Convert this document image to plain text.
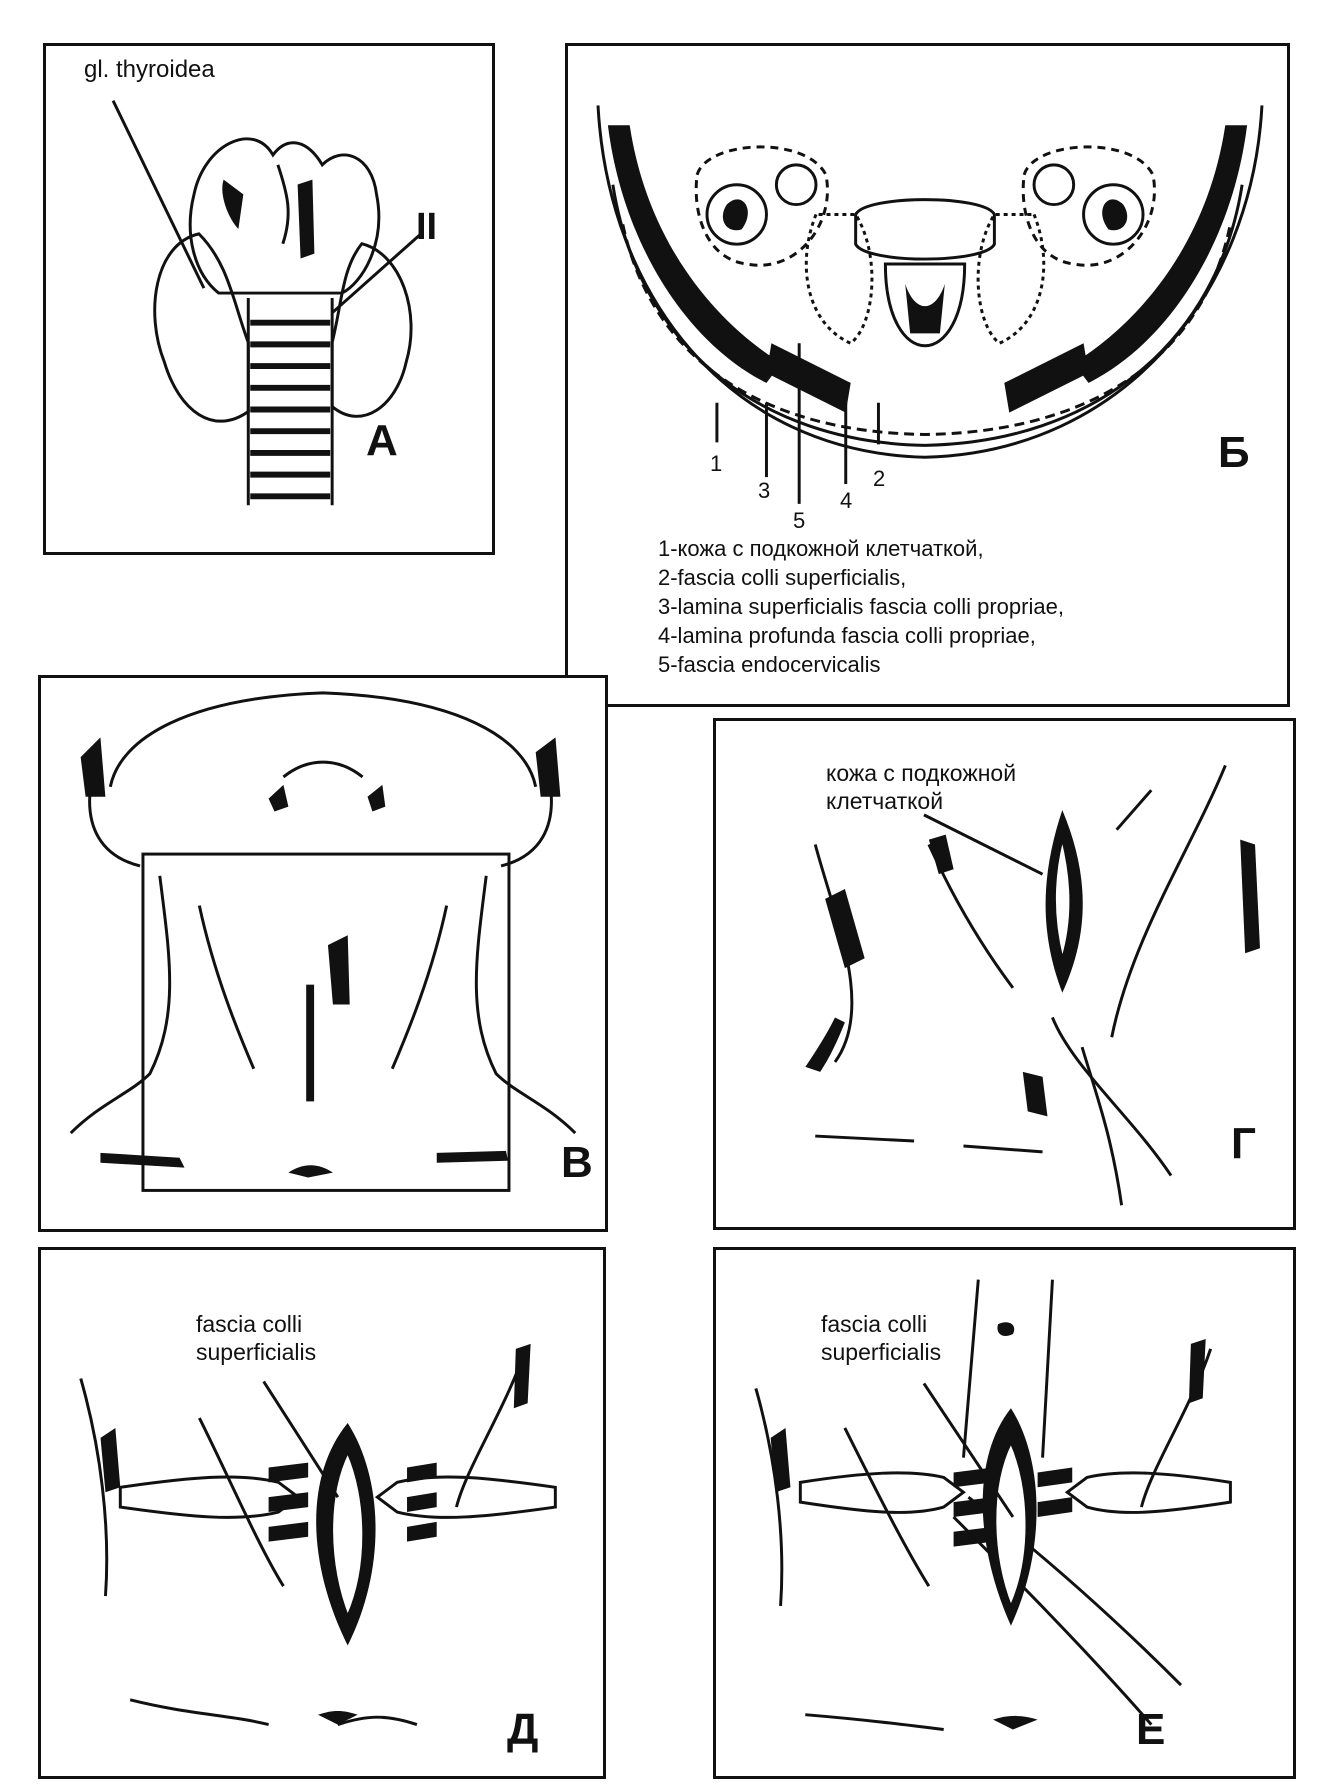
gl. thyroidea
II
А	1
2
3	4
5
Б
1-кожа с подкожной клетчаткой,
2-fascia colli superficialis,
3-lamina superficialis fascia colli propriae,
4-lamina profunda fascia colli propriae,
5-fascia endocervicalis
В
кожа с подкожной
клетчаткой
Г
fascia colli
superficialis
Д
fascia colli
superficialis
Е
